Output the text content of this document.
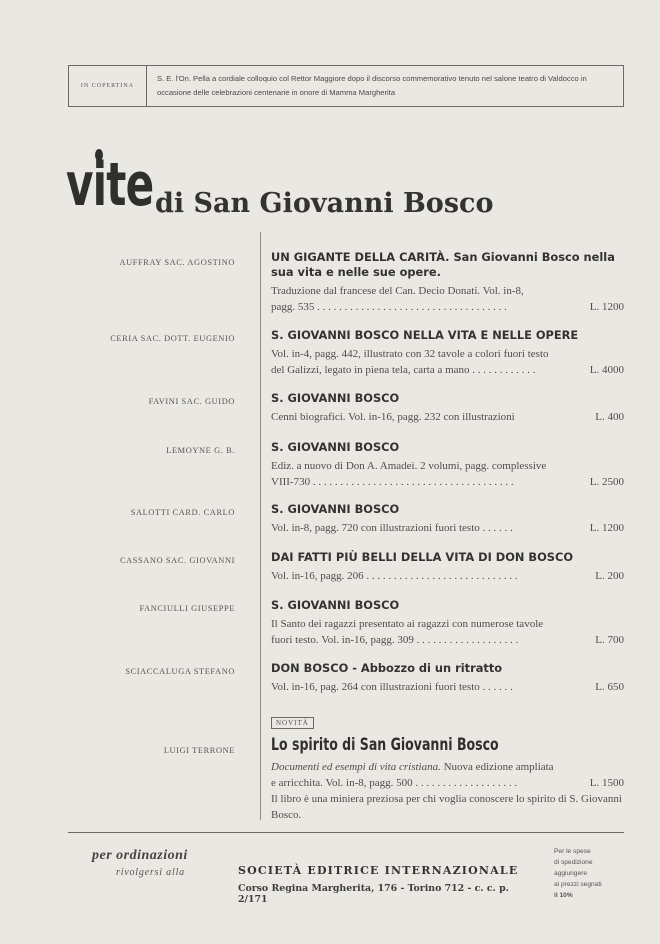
IN COPERTINA
S. E. l'On. Pella a cordiale colloquio col Rettor Maggiore dopo il discorso commemorativo tenuto nel salone teatro di Valdocco in occasione delle celebrazioni centenarie in onore di Mamma Margherita
vite di San Giovanni Bosco
AUFFRAY SAC. AGOSTINO	UN GIGANTE DELLA CARITÀ. San Giovanni Bosco nella sua vita e nelle sue opere.
Traduzione dal francese del Can. Decio Donati. Vol. in-8,
pagg. 535 . . . . . . . . . . . . . . . . . . . . . . . . . . . . . . . . . . .	L. 1200
CERIA SAC. DOTT. EUGENIO	S. GIOVANNI BOSCO NELLA VITA E NELLE OPERE
Vol. in-4, pagg. 442, illustrato con 32 tavole a colori fuori testo
del Galizzi, legato in piena tela, carta a mano . . . . . . . . . . . .	L. 4000
FAVINI SAC. GUIDO	S. GIOVANNI BOSCO
Cenni biografici. Vol. in-16, pagg. 232 con illustrazioni	L. 400
LEMOYNE G. B.	S. GIOVANNI BOSCO
Ediz. a nuovo di Don A. Amadei. 2 volumi, pagg. complessive
VIII-730 . . . . . . . . . . . . . . . . . . . . . . . . . . . . . . . . . . . . .	L. 2500
SALOTTI CARD. CARLO	S. GIOVANNI BOSCO
Vol. in-8, pagg. 720 con illustrazioni fuori testo . . . . . .	L. 1200
CASSANO SAC. GIOVANNI	DAI FATTI PIÙ BELLI DELLA VITA DI DON BOSCO
Vol. in-16, pagg. 206 . . . . . . . . . . . . . . . . . . . . . . . . . . . .	L. 200
FANCIULLI GIUSEPPE	S. GIOVANNI BOSCO
Il Santo dei ragazzi presentato ai ragazzi con numerose tavole
fuori testo. Vol. in-16, pagg. 309 . . . . . . . . . . . . . . . . . . .	L. 700
SCIACCALUGA STEFANO	DON BOSCO - Abbozzo di un ritratto
Vol. in-16, pag. 264 con illustrazioni fuori testo . . . . . .	L. 650
LUIGI TERRONE
NOVITÀ
Lo spirito di San Giovanni Bosco
Documenti ed esempi di vita cristiana. Nuova edizione ampliata
e arricchita. Vol. in-8, pagg. 500 . . . . . . . . . . . . . . . . . . .	L. 1500
Il libro è una miniera preziosa per chi voglia conoscere lo spirito di S. Giovanni Bosco.
per ordinazioni
rivolgersi alla	SOCIETÀ EDITRICE INTERNAZIONALE
Corso Regina Margherita, 176 - Torino 712 - c. c. p. 2/171
Per le spese
di spedizione
aggiungere
ai prezzi segnati
il 10%
